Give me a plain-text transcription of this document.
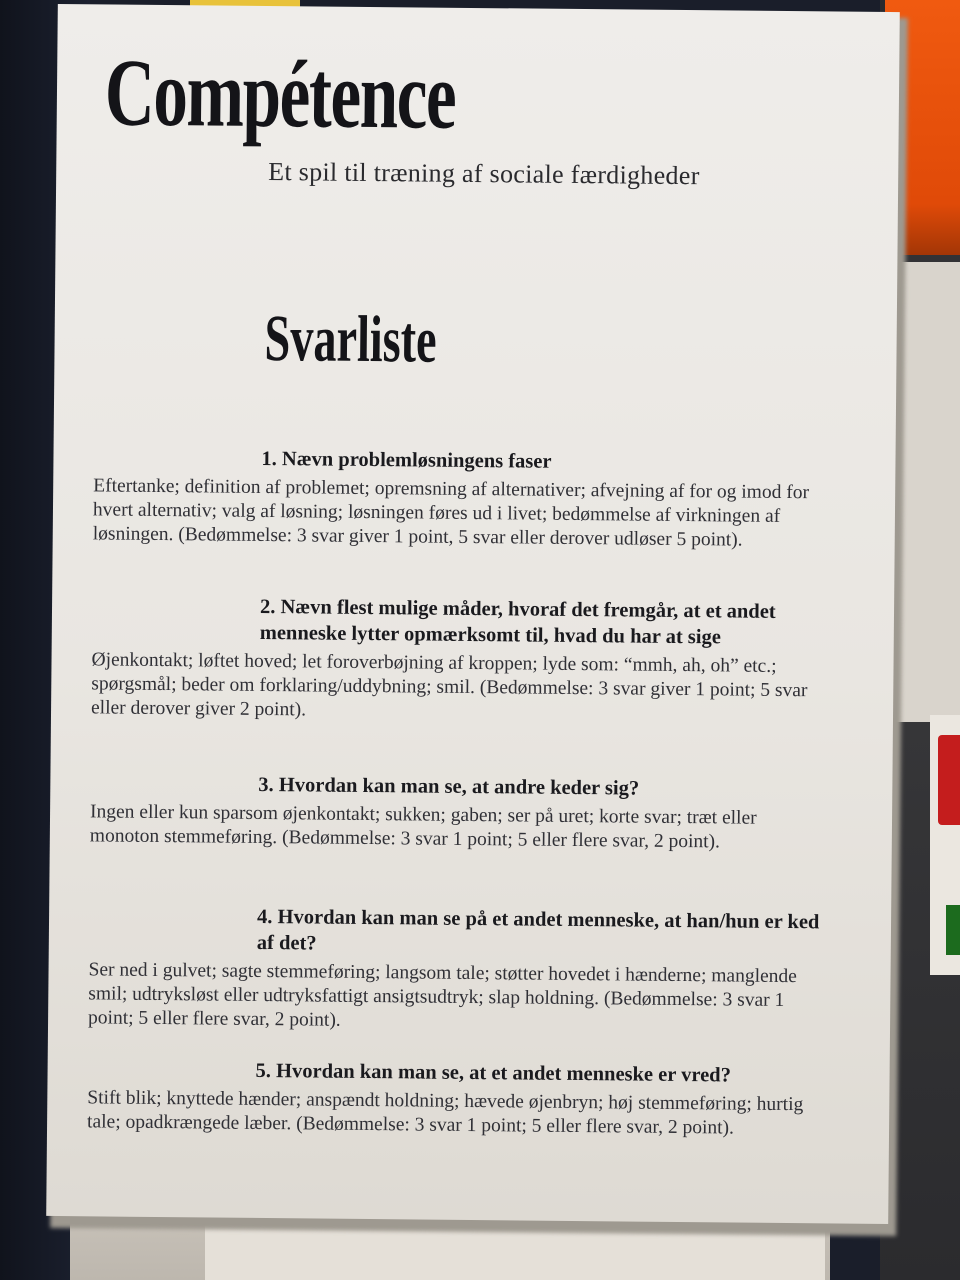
Compétence

Et spil til træning af sociale færdigheder

Svarliste

1. Nævn problemløsningens faser

Eftertanke; definition af problemet; opremsning af alternativer; afvejning af for og imod for hvert alternativ; valg af løsning; løsningen føres ud i livet; bedømmelse af virkningen af løsningen. (Bedømmelse: 3 svar giver 1 point, 5 svar eller derover udløser 5 point).

2. Nævn flest mulige måder, hvoraf det fremgår, at et andet menneske lytter opmærksomt til, hvad du har at sige

Øjenkontakt; løftet hoved; let foroverbøjning af kroppen; lyde som: “mmh, ah, oh” etc.; spørgsmål; beder om forklaring/uddybning; smil. (Bedømmelse: 3 svar giver 1 point; 5 svar eller derover giver 2 point).

3. Hvordan kan man se, at andre keder sig?

Ingen eller kun sparsom øjenkontakt; sukken; gaben; ser på uret; korte svar; træt eller monoton stemmeføring. (Bedømmelse: 3 svar 1 point; 5 eller flere svar, 2 point).

4. Hvordan kan man se på et andet menneske, at han/hun er ked af det?

Ser ned i gulvet; sagte stemmeføring; langsom tale; støtter hovedet i hænderne; manglende smil; udtryksløst eller udtryksfattigt ansigtsudtryk; slap holdning. (Bedømmelse: 3 svar 1 point; 5 eller flere svar, 2 point).

5. Hvordan kan man se, at et andet menneske er vred?

Stift blik; knyttede hænder; anspændt holdning; hævede øjenbryn; høj stemmeføring; hurtig tale; opadkrængede læber. (Bedømmelse: 3 svar 1 point; 5 eller flere svar, 2 point).
